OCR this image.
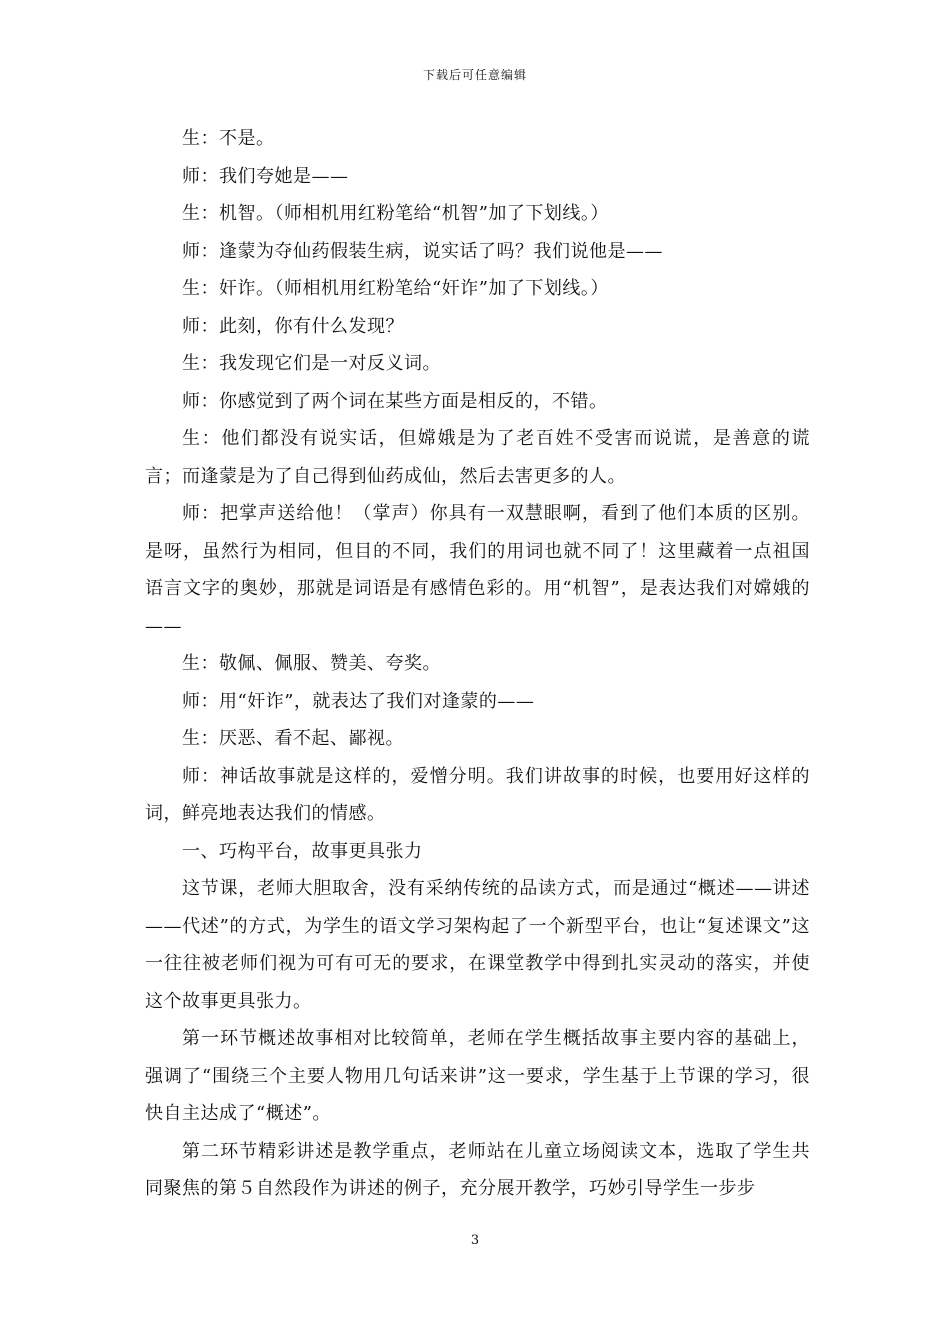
下载后可任意编辑

生：不是。

师：我们夸她是——

生：机智。（师相机用红粉笔给“机智”加了下划线。）

师：逢蒙为夺仙药假装生病，说实话了吗？我们说他是——

生：奸诈。（师相机用红粉笔给“奸诈”加了下划线。）

师：此刻，你有什么发现？

生：我发现它们是一对反义词。

师：你感觉到了两个词在某些方面是相反的，不错。

生：他们都没有说实话，但嫦娥是为了老百姓不受害而说谎，是善意的谎言；而逢蒙是为了自己得到仙药成仙，然后去害更多的人。

师：把掌声送给他！（掌声）你具有一双慧眼啊，看到了他们本质的区别。是呀，虽然行为相同，但目的不同，我们的用词也就不同了！这里藏着一点祖国语言文字的奥妙，那就是词语是有感情色彩的。用“机智”，是表达我们对嫦娥的——

生：敬佩、佩服、赞美、夸奖。

师：用“奸诈”，就表达了我们对逢蒙的——

生：厌恶、看不起、鄙视。

师：神话故事就是这样的，爱憎分明。我们讲故事的时候，也要用好这样的词，鲜亮地表达我们的情感。

一、巧构平台，故事更具张力

这节课，老师大胆取舍，没有采纳传统的品读方式，而是通过“概述——讲述——代述”的方式，为学生的语文学习架构起了一个新型平台，也让“复述课文”这一往往被老师们视为可有可无的要求，在课堂教学中得到扎实灵动的落实，并使这个故事更具张力。

第一环节概述故事相对比较简单，老师在学生概括故事主要内容的基础上，强调了“围绕三个主要人物用几句话来讲”这一要求，学生基于上节课的学习，很快自主达成了“概述”。

第二环节精彩讲述是教学重点，老师站在儿童立场阅读文本，选取了学生共同聚焦的第５自然段作为讲述的例子，充分展开教学，巧妙引导学生一步步

3
